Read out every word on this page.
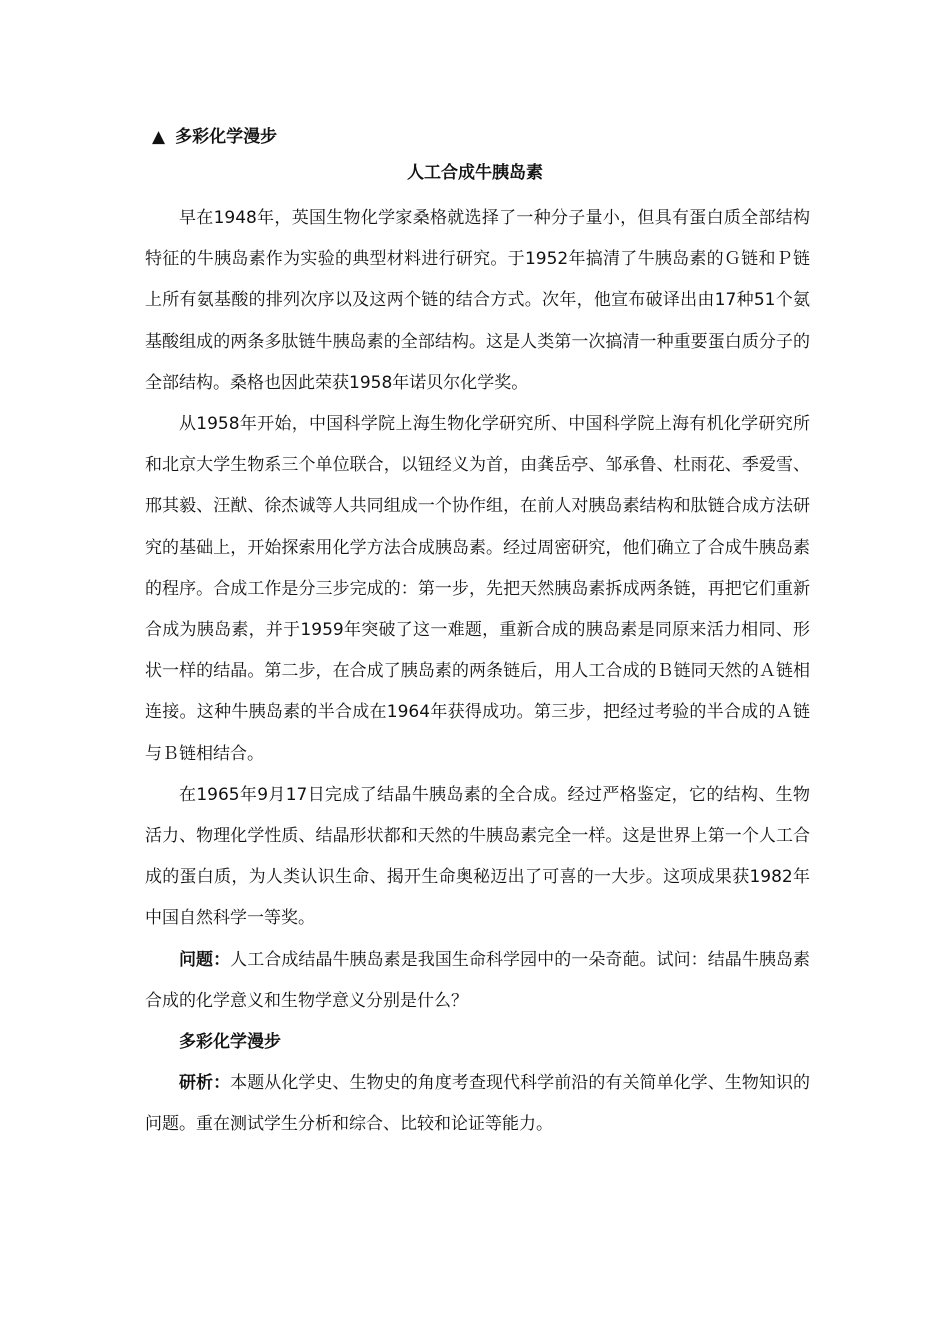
▲ 多彩化学漫步
人工合成牛胰岛素

早在1948年，英国生物化学家桑格就选择了一种分子量小，但具有蛋白质全部结构特征的牛胰岛素作为实验的典型材料进行研究。于1952年搞清了牛胰岛素的Ｇ链和Ｐ链上所有氨基酸的排列次序以及这两个链的结合方式。次年，他宣布破译出由17种51个氨基酸组成的两条多肽链牛胰岛素的全部结构。这是人类第一次搞清一种重要蛋白质分子的全部结构。桑格也因此荣获1958年诺贝尔化学奖。

从1958年开始，中国科学院上海生物化学研究所、中国科学院上海有机化学研究所和北京大学生物系三个单位联合，以钮经义为首，由龚岳亭、邹承鲁、杜雨花、季爱雪、邢其毅、汪猷、徐杰诚等人共同组成一个协作组，在前人对胰岛素结构和肽链合成方法研究的基础上，开始探索用化学方法合成胰岛素。经过周密研究，他们确立了合成牛胰岛素的程序。合成工作是分三步完成的：第一步，先把天然胰岛素拆成两条链，再把它们重新合成为胰岛素，并于1959年突破了这一难题，重新合成的胰岛素是同原来活力相同、形状一样的结晶。第二步，在合成了胰岛素的两条链后，用人工合成的Ｂ链同天然的Ａ链相连接。这种牛胰岛素的半合成在1964年获得成功。第三步，把经过考验的半合成的Ａ链与Ｂ链相结合。

在1965年9月17日完成了结晶牛胰岛素的全合成。经过严格鉴定，它的结构、生物活力、物理化学性质、结晶形状都和天然的牛胰岛素完全一样。这是世界上第一个人工合成的蛋白质，为人类认识生命、揭开生命奥秘迈出了可喜的一大步。这项成果获1982年中国自然科学一等奖。

问题：人工合成结晶牛胰岛素是我国生命科学园中的一朵奇葩。试问：结晶牛胰岛素合成的化学意义和生物学意义分别是什么？

多彩化学漫步

研析：本题从化学史、生物史的角度考查现代科学前沿的有关简单化学、生物知识的问题。重在测试学生分析和综合、比较和论证等能力。
